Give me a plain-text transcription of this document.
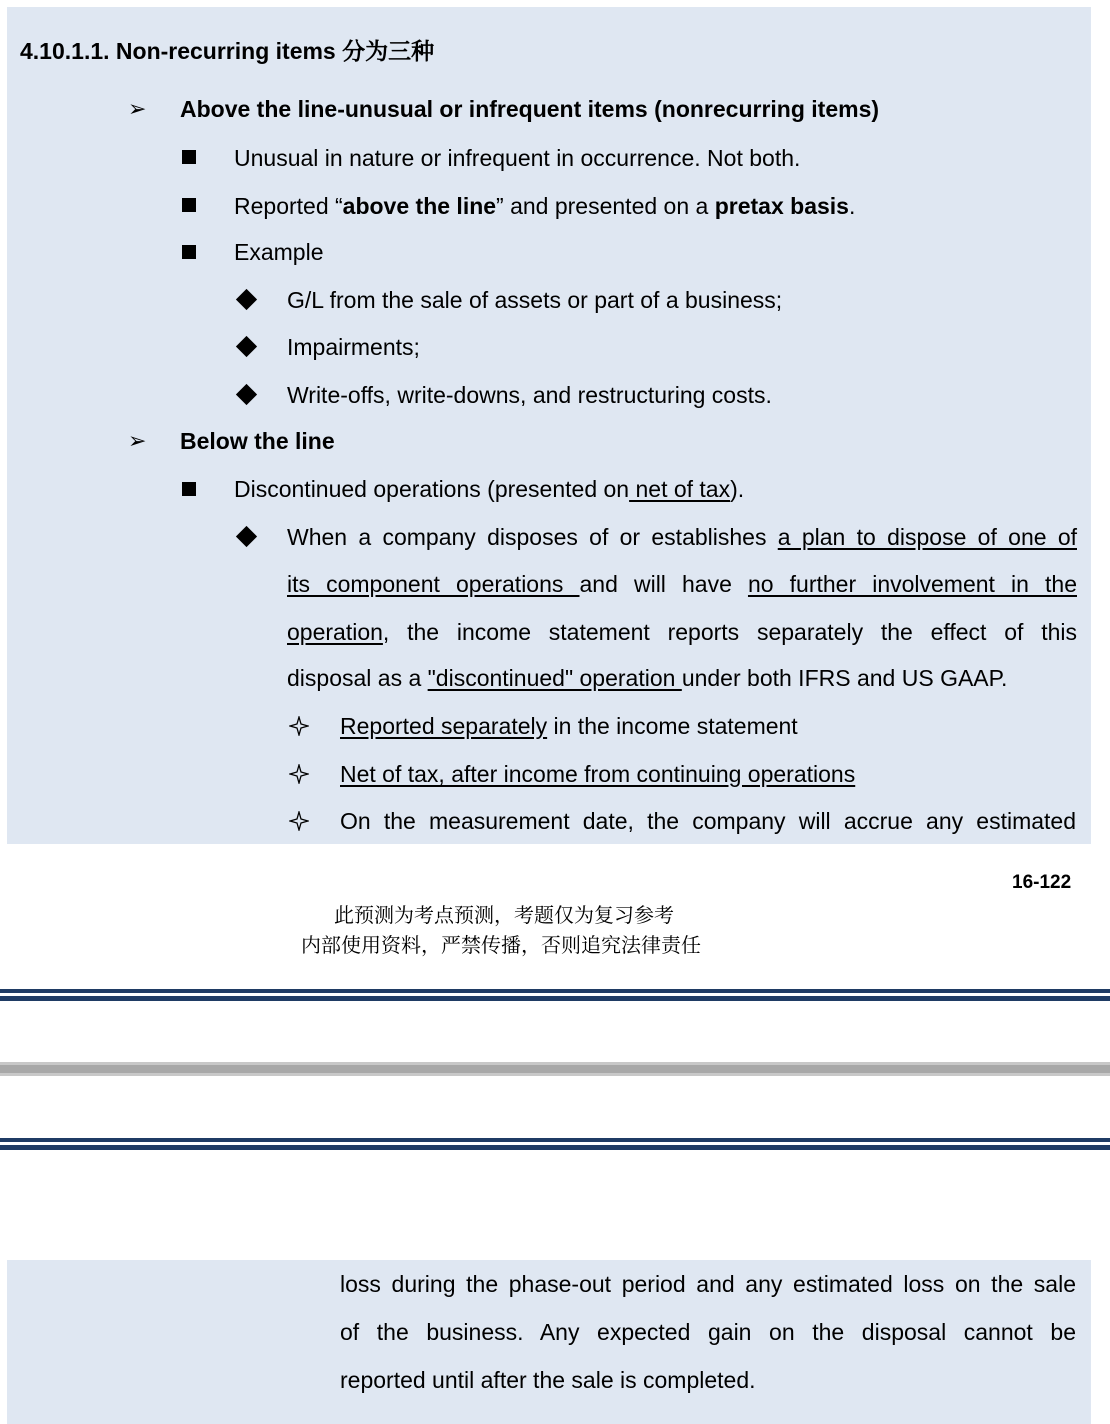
4.10.1.1. Non-recurring items 分为三种
➢ Above the line-unusual or infrequent items (nonrecurring items)
Unusual in nature or infrequent in occurrence. Not both.
Reported “above the line” and presented on a pretax basis.
Example
G/L from the sale of assets or part of a business;
Impairments;
Write-offs, write-downs, and restructuring costs.
➢ Below the line
Discontinued operations (presented on net of tax).
When a company disposes of or establishes a plan to dispose of one of
its component operations and will have no further involvement in the
operation, the income statement reports separately the effect of this
disposal as a "discontinued" operation under both IFRS and US GAAP.
Reported separately in the income statement
Net of tax, after income from continuing operations
On the measurement date, the company will accrue any estimated
16-122
此预测为考点预测，考题仅为复习参考
内部使用资料，严禁传播，否则追究法律责任
loss during the phase-out period and any estimated loss on the sale
of the business. Any expected gain on the disposal cannot be
reported until after the sale is completed.
